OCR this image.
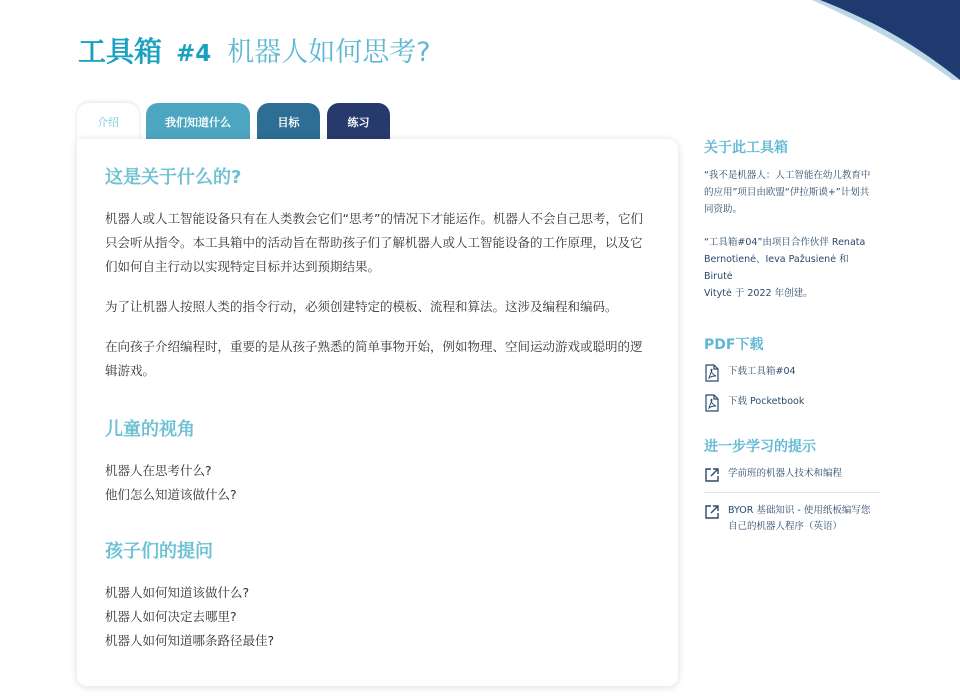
工具箱 #4 机器人如何思考?
介绍	我们知道什么	目标	练习
这是关于什么的?

机器人或人工智能设备只有在人类教会它们“思考”的情况下才能运作。机器人不会自己思考，它们
只会听从指令。本工具箱中的活动旨在帮助孩子们了解机器人或人工智能设备的工作原理，以及它
们如何自主行动以实现特定目标并达到预期结果。

为了让机器人按照人类的指令行动，必须创建特定的模板、流程和算法。这涉及编程和编码。

在向孩子介绍编程时，重要的是从孩子熟悉的简单事物开始，例如物理、空间运动游戏或聪明的逻
辑游戏。

儿童的视角

机器人在思考什么?
他们怎么知道该做什么?

孩子们的提问

机器人如何知道该做什么?
机器人如何决定去哪里?
机器人如何知道哪条路径最佳?

关于此工具箱
“我不是机器人：人工智能在幼儿教育中
的应用”项目由欧盟“伊拉斯谟+”计划共
同资助。
“工具箱#04”由项目合作伙伴 Renata
Bernotienė、Ieva Pažusienė 和 Birutė
Vitytė 于 2022 年创建。
PDF下载
下载工具箱#04
下载 Pocketbook
进一步学习的提示
学前班的机器人技术和编程
BYOR 基础知识 - 使用纸板编写您
自己的机器人程序（英语）
